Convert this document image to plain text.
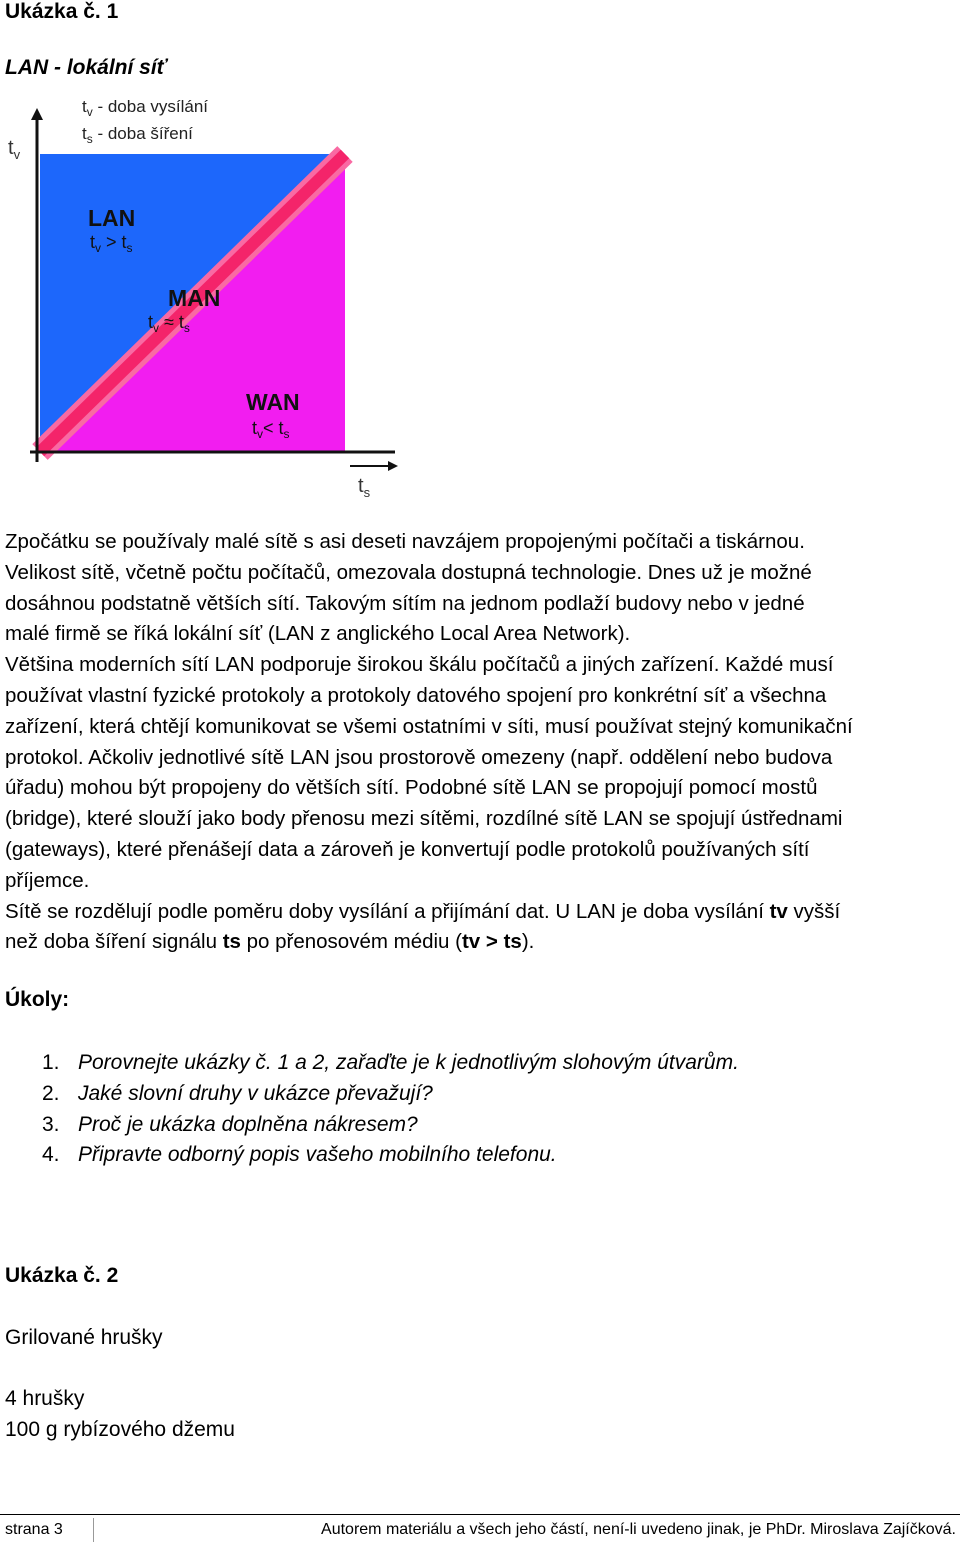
Ukázka č. 1
LAN - lokální síť
$t_v$
$t_s$
$t_v$ - doba vysílání
$t_s$ - doba šíření
LAN
$t_v > t_s$
MAN
$t_v \approx t_s$
WAN
$t_v< t_s$

Zpočátku se používaly malé sítě s asi deseti navzájem propojenými počítači a tiskárnou.

Velikost sítě, včetně počtu počítačů, omezovala dostupná technologie. Dnes už je možné

dosáhnou podstatně větších sítí. Takovým sítím na jednom podlaží budovy nebo v jedné

malé firmě se říká lokální síť (LAN z anglického Local Area Network).

Většina moderních sítí LAN podporuje širokou škálu počítačů a jiných zařízení. Každé musí

používat vlastní fyzické protokoly a protokoly datového spojení pro konkrétní síť a všechna

zařízení, která chtějí komunikovat se všemi ostatními v síti, musí používat stejný komunikační

protokol. Ačkoliv jednotlivé sítě LAN jsou prostorově omezeny (např. oddělení nebo budova

úřadu) mohou být propojeny do větších sítí. Podobné sítě LAN se propojují pomocí mostů

(bridge), které slouží jako body přenosu mezi sítěmi, rozdílné sítě LAN se spojují ústřednami

(gateways), které přenášejí data a zároveň je konvertují podle protokolů používaných sítí

příjemce.

Sítě se rozdělují podle poměru doby vysílání a přijímání dat. U LAN je doba vysílání tv vyšší

než doba šíření signálu ts po přenosovém médiu (tv > ts).

Úkoly:
1. Porovnejte ukázky č. 1 a 2, zařaďte je k jednotlivým slohovým útvarům.
2. Jaké slovní druhy v ukázce převažují?
3. Proč je ukázka doplněna nákresem?
4. Připravte odborný popis vašeho mobilního telefonu.
Ukázka č. 2
Grilované hrušky
4 hrušky
100 g rybízového džemu
strana 3	Autorem materiálu a všech jeho částí, není-li uvedeno jinak, je PhDr. Miroslava Zajíčková.
